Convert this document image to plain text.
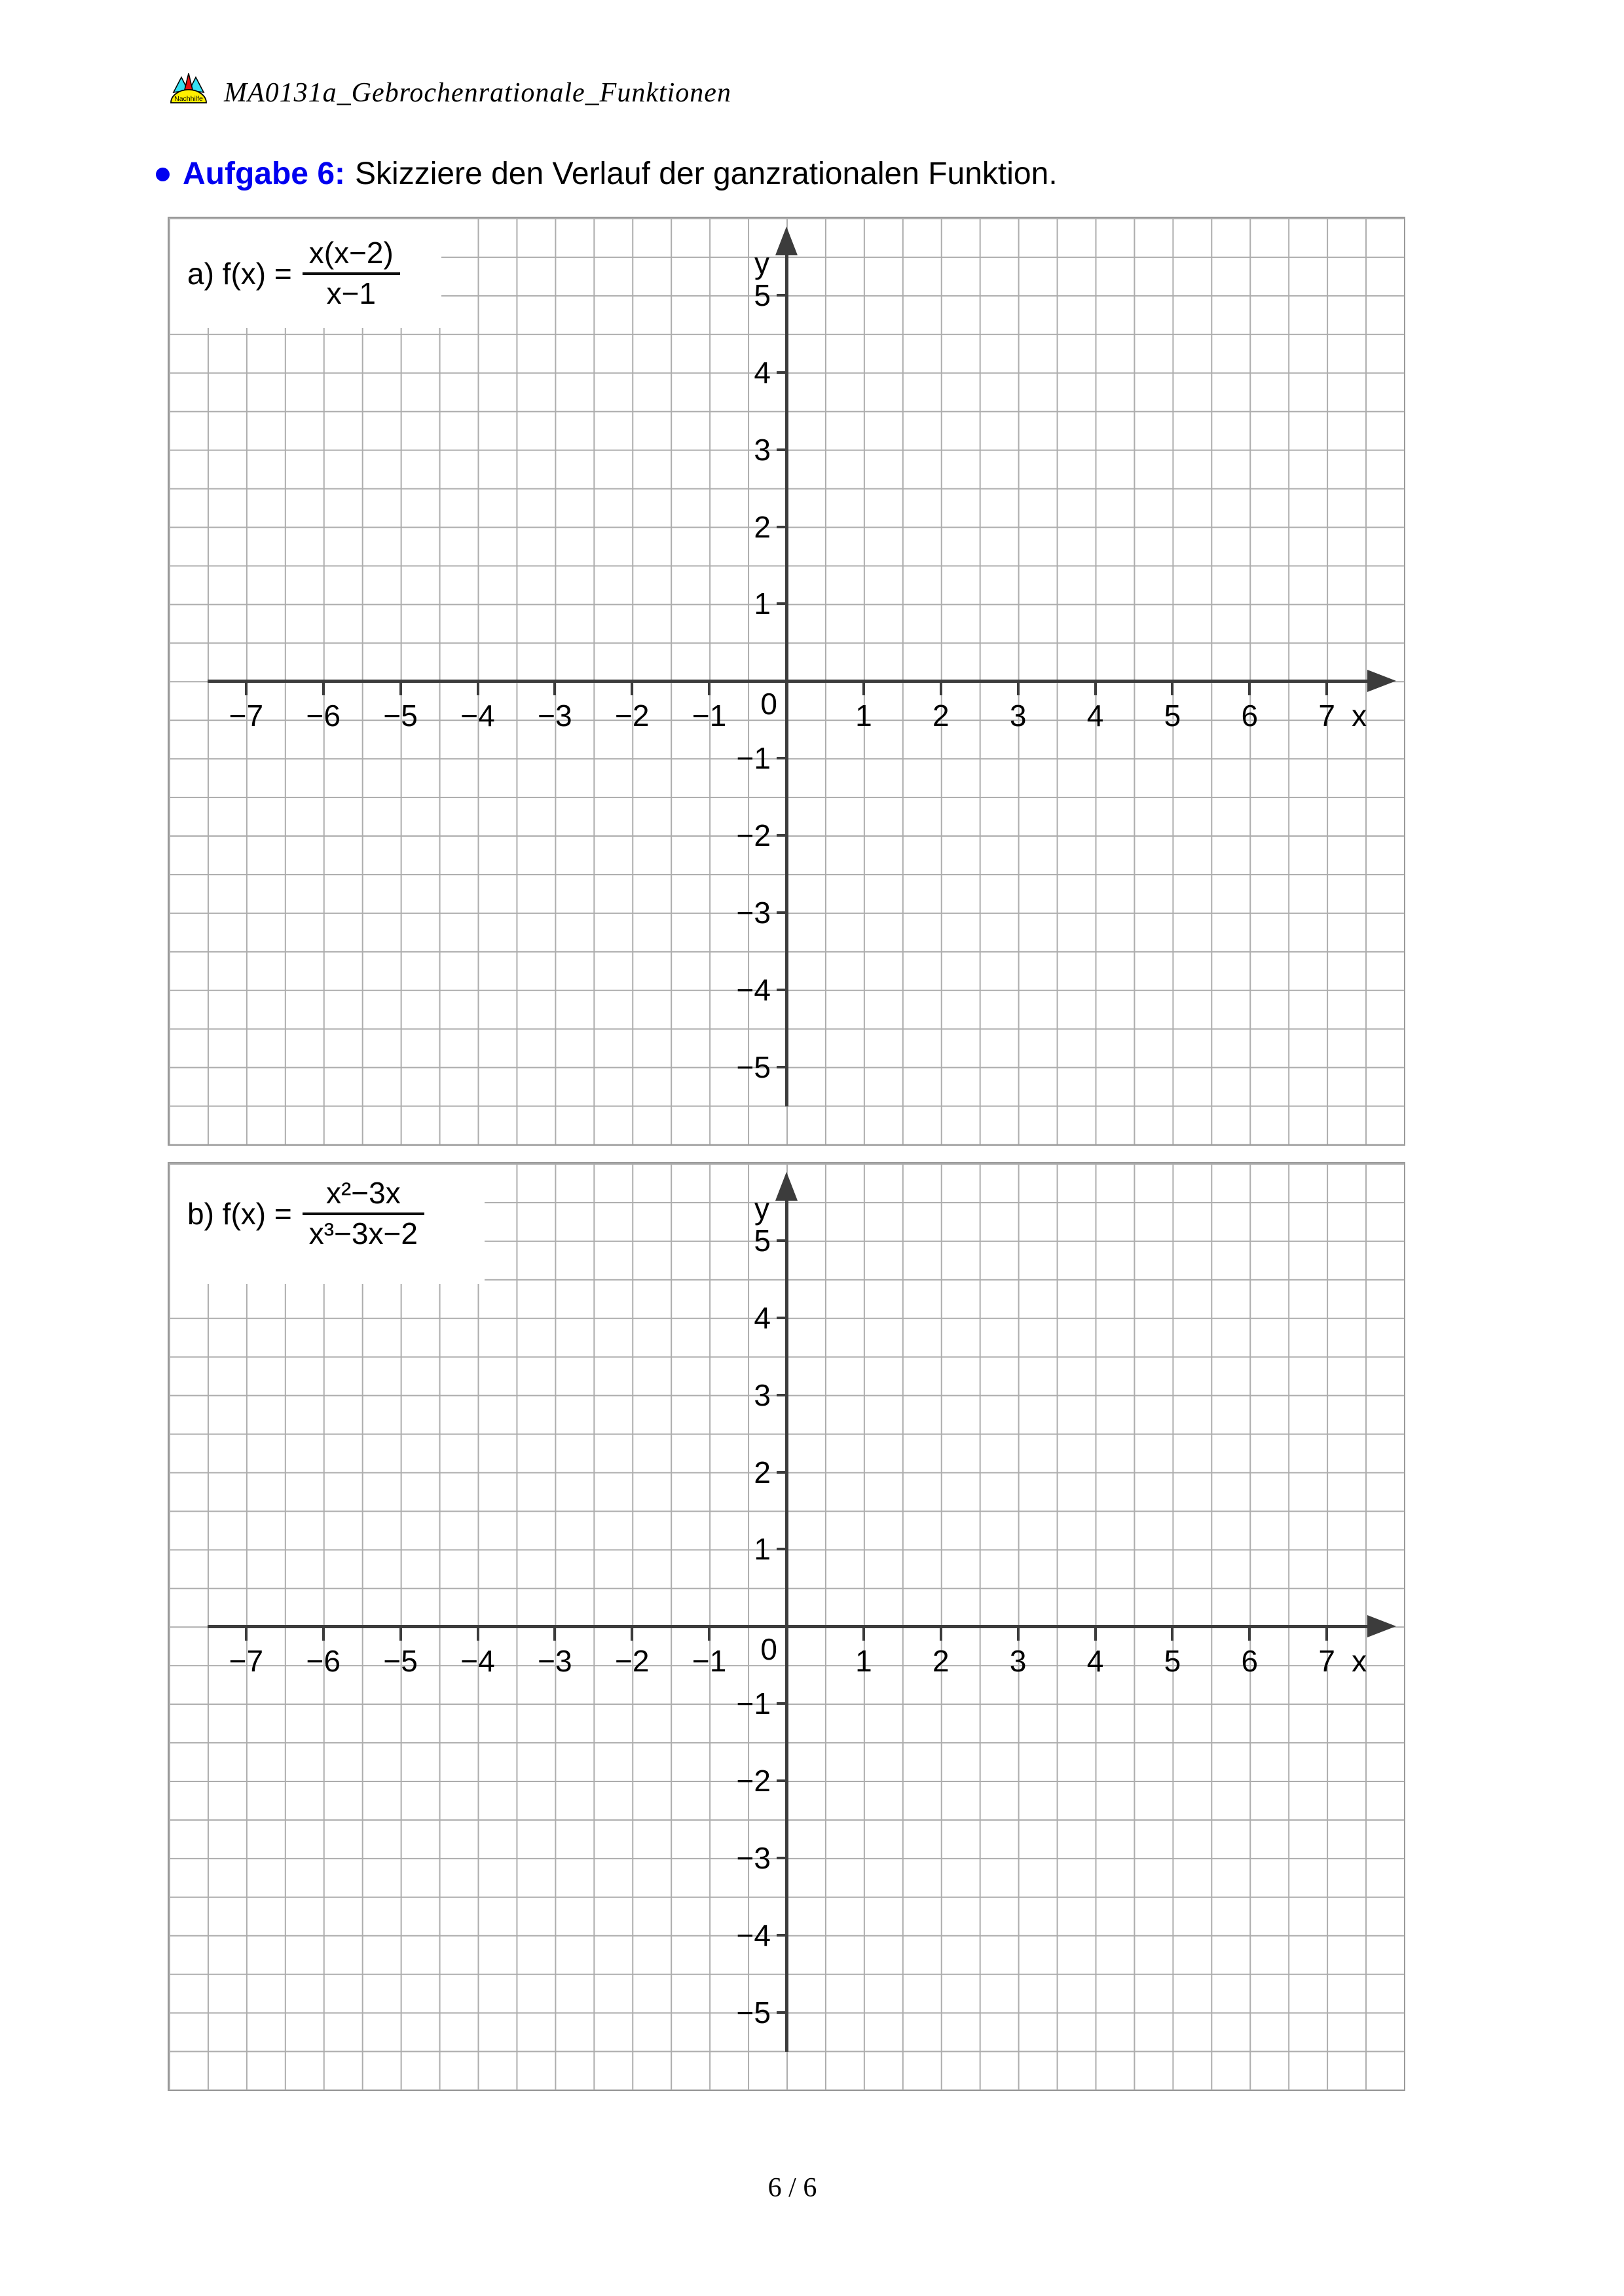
Nachhilfe MA0131a_Gebrochenrationale_Funktionen
Aufgabe 6: Skizziere den Verlauf der ganzrationalen Funktion.
−7 −6 −5 −4 −3 −2 −1	1 2 3 4 5 6 7
5
4
3
2
1
−1
−2
−3
−4
−5
0	x
y
a) $f(x) = \frac{x(x-2)}{x-1}$
−7 −6 −5 −4 −3 −2 −1	1 2 3 4 5 6 7
5
4
3
2
1
−1
−2
−3
−4
−5
0	x
y
b) $f(x) = \frac{\text{x²−3x}}{\text{x³−3x−2}}$
6 / 6
